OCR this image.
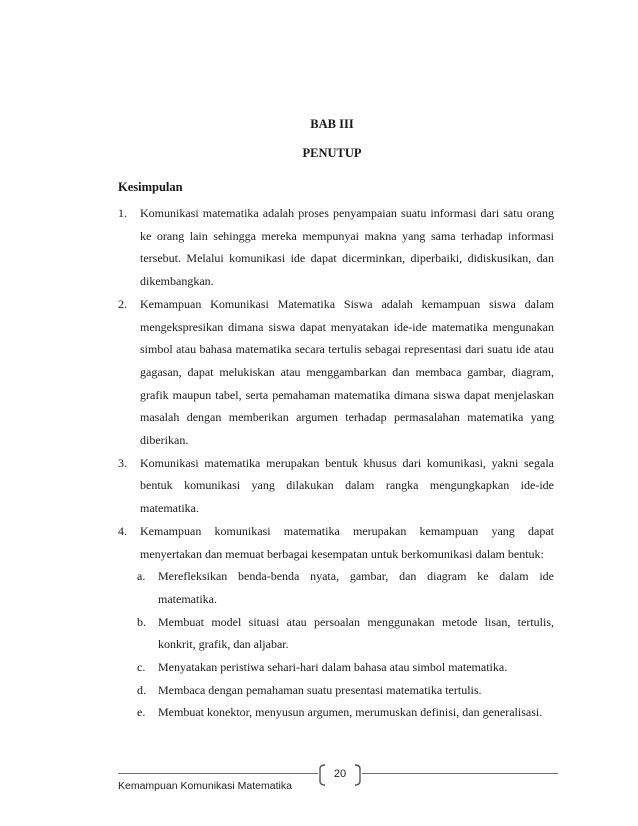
BAB III
PENUTUP
Kesimpulan
1. Komunikasi matematika adalah proses penyampaian suatu informasi dari satu orang ke orang lain sehingga mereka mempunyai makna yang sama terhadap informasi tersebut. Melalui komunikasi ide dapat dicerminkan, diperbaiki, didiskusikan, dan dikembangkan.
2. Kemampuan Komunikasi Matematika Siswa adalah kemampuan siswa dalam mengekspresikan dimana siswa dapat menyatakan ide-ide matematika mengunakan simbol atau bahasa matematika secara tertulis sebagai representasi dari suatu ide atau gagasan, dapat melukiskan atau menggambarkan dan membaca gambar, diagram, grafik maupun tabel, serta pemahaman matematika dimana siswa dapat menjelaskan masalah dengan memberikan argumen terhadap permasalahan matematika yang diberikan.
3. Komunikasi matematika merupakan bentuk khusus dari komunikasi, yakni segala bentuk komunikasi yang dilakukan dalam rangka mengungkapkan ide-ide matematika.
4. Kemampuan komunikasi matematika merupakan kemampuan yang dapat menyertakan dan memuat berbagai kesempatan untuk berkomunikasi dalam bentuk:
a. Merefleksikan benda-benda nyata, gambar, dan diagram ke dalam ide matematika.
b. Membuat model situasi atau persoalan menggunakan metode lisan, tertulis, konkrit, grafik, dan aljabar.
c. Menyatakan peristiwa sehari-hari dalam bahasa atau simbol matematika.
d. Membaca dengan pemahaman suatu presentasi matematika tertulis.
e. Membuat konektor, menyusun argumen, merumuskan definisi, dan generalisasi.
Kemampuan Komunikasi Matematika
20
